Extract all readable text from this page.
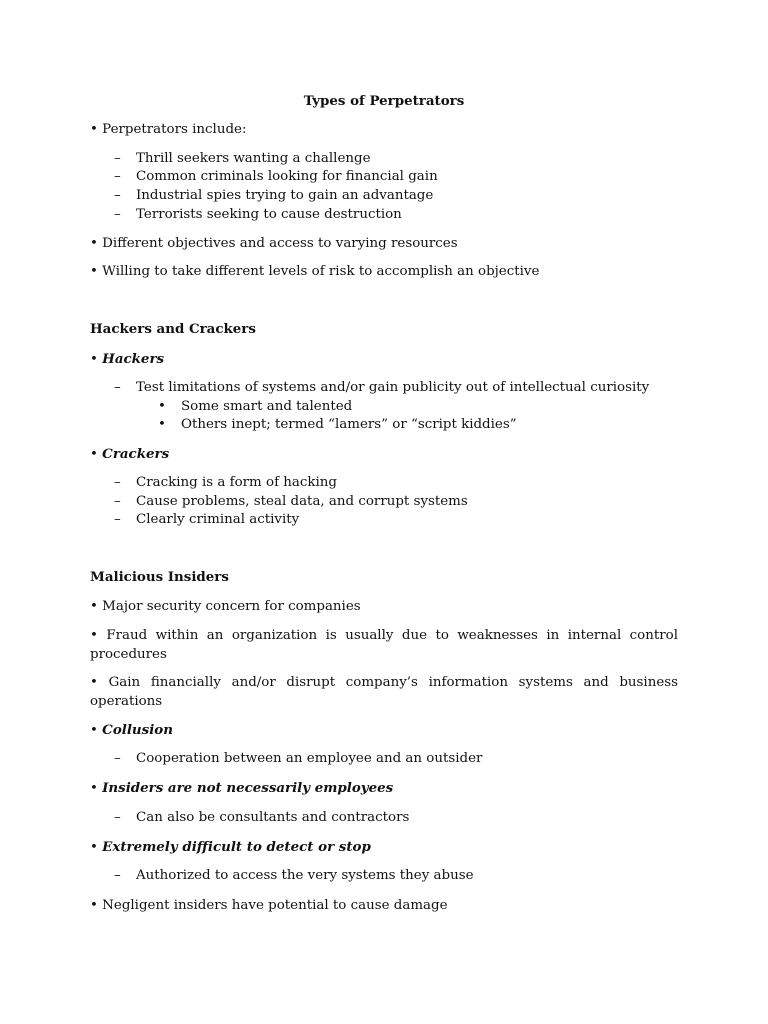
Types of Perpetrators
• Perpetrators include:
– Thrill seekers wanting a challenge
– Common criminals looking for financial gain
– Industrial spies trying to gain an advantage
– Terrorists seeking to cause destruction
• Different objectives and access to varying resources
• Willing to take different levels of risk to accomplish an objective
Hackers and Crackers
• Hackers
– Test limitations of systems and/or gain publicity out of intellectual curiosity
• Some smart and talented
• Others inept; termed “lamers” or “script kiddies”
• Crackers
– Cracking is a form of hacking
– Cause problems, steal data, and corrupt systems
– Clearly criminal activity
Malicious Insiders
• Major security concern for companies
• Fraud within an organization is usually due to weaknesses in internal control procedures
• Gain financially and/or disrupt company’s information systems and business operations
• Collusion
– Cooperation between an employee and an outsider
• Insiders are not necessarily employees
– Can also be consultants and contractors
• Extremely difficult to detect or stop
– Authorized to access the very systems they abuse
• Negligent insiders have potential to cause damage
